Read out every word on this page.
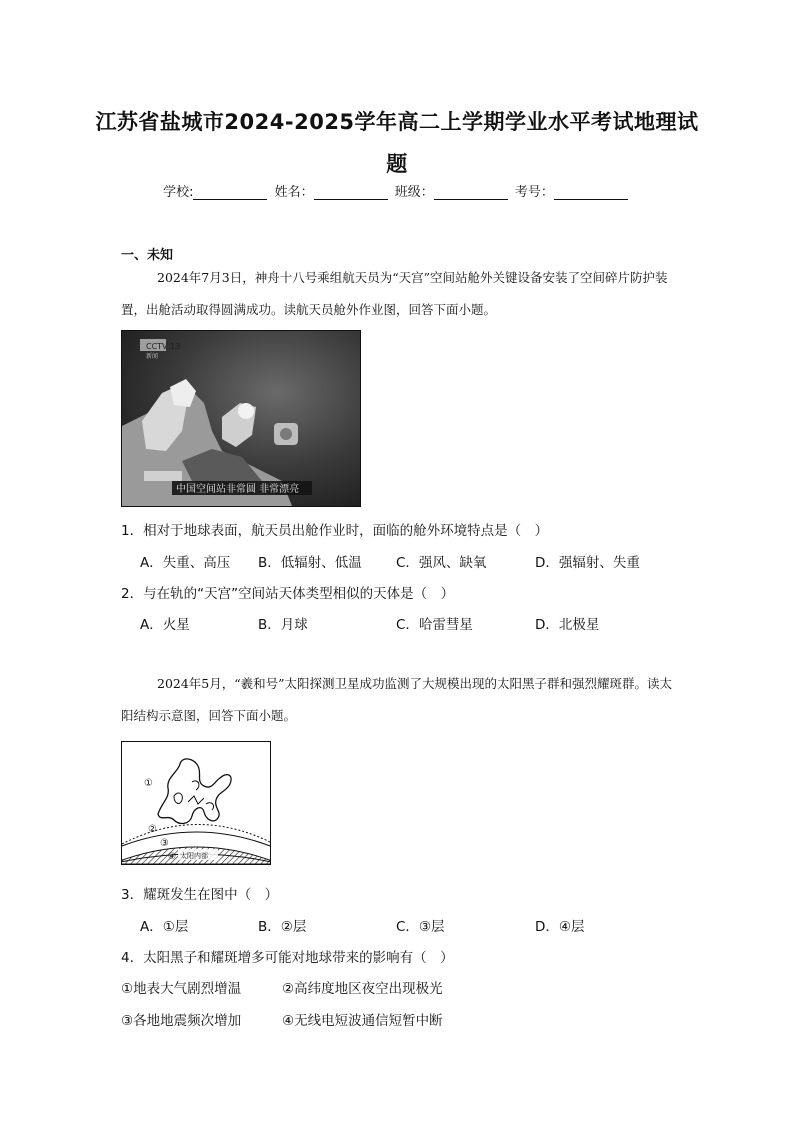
江苏省盐城市2024-2025学年高二上学期学业水平考试地理试
题
学校:	姓名：	班级：	考号：
一、未知
2024年7月3日，神舟十八号乘组航天员为“天宫”空间站舱外关键设备安装了空间碎片防护装置，出舱活动取得圆满成功。读航天员舱外作业图，回答下面小题。
CCTV 13
新闻
中国空间站非常圆 非常漂亮
1．相对于地球表面，航天员出舱作业时，面临的舱外环境特点是（　）
A．失重、高压 B．低辐射、低温	C．强风、缺氧	D．强辐射、失重
2．与在轨的“天宫”空间站天体类型相似的天体是（　）
A．火星	B．月球	C．哈雷彗星	D．北极星
2024年5月，“羲和号”太阳探测卫星成功监测了大规模出现的太阳黑子群和强烈耀斑群。读太阳结构示意图，回答下面小题。
①
②
③
④ 太阳内部
3．耀斑发生在图中（　）
A．①层	B．②层	C．③层	D．④层
4．太阳黑子和耀斑增多可能对地球带来的影响有（　）
①地表大气剧烈增温	②高纬度地区夜空出现极光
③各地地震频次增加	④无线电短波通信短暂中断
